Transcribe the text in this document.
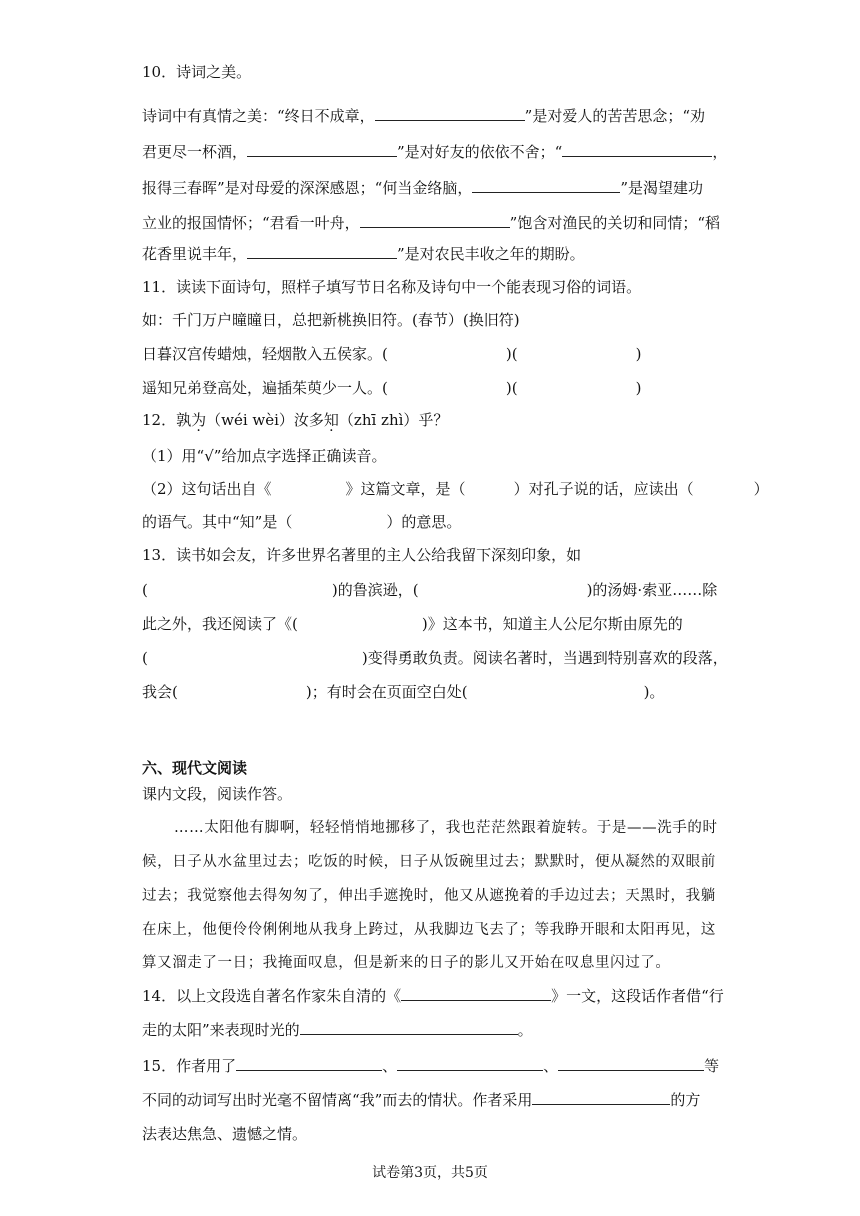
10．诗词之美。
诗词中有真情之美：“终日不成章，	”是对爱人的苦苦思念；“劝
君更尽一杯酒，	”是对好友的依依不舍；“	，
报得三春晖”是对母爱的深深感恩；“何当金络脑，	”是渴望建功
立业的报国情怀；“君看一叶舟，	”饱含对渔民的关切和同情；“稻
花香里说丰年，	”是对农民丰收之年的期盼。
11．读读下面诗句，照样子填写节日名称及诗句中一个能表现习俗的词语。
如：千门万户曈曈日，总把新桃换旧符。(春节）(换旧符)
日暮汉宫传蜡烛，轻烟散入五侯家。(	)(	)
遥知兄弟登高处，遍插茱萸少一人。(	)(	)
12．孰为（wéi wèi）汝多知（zhī zhì）乎？
（1）用“√”给加点字选择正确读音。
（2）这句话出自《	》这篇文章，是（	）对孔子说的话，应读出（	）
的语气。其中“知”是（	）的意思。
13．读书如会友，许多世界名著里的主人公给我留下深刻印象，如
(	)的鲁滨逊，(	)的汤姆·索亚……除
此之外，我还阅读了《(	)》这本书，知道主人公尼尔斯由原先的
(	)变得勇敢负责。阅读名著时，当遇到特别喜欢的段落，
我会(	)；有时会在页面空白处(	)。
六、现代文阅读
课内文段，阅读作答。
……太阳他有脚啊，轻轻悄悄地挪移了，我也茫茫然跟着旋转。于是——洗手的时
候，日子从水盆里过去；吃饭的时候，日子从饭碗里过去；默默时，便从凝然的双眼前
过去；我觉察他去得匆匆了，伸出手遮挽时，他又从遮挽着的手边过去；天黑时，我躺
在床上，他便伶伶俐俐地从我身上跨过，从我脚边飞去了；等我睁开眼和太阳再见，这
算又溜走了一日；我掩面叹息，但是新来的日子的影儿又开始在叹息里闪过了。
14．以上文段选自著名作家朱自清的《	》一文，这段话作者借“行
走的太阳”来表现时光的	。
15．作者用了	、	、	等
不同的动词写出时光毫不留情离“我”而去的情状。作者采用	的方
法表达焦急、遗憾之情。
试卷第3页，共5页
